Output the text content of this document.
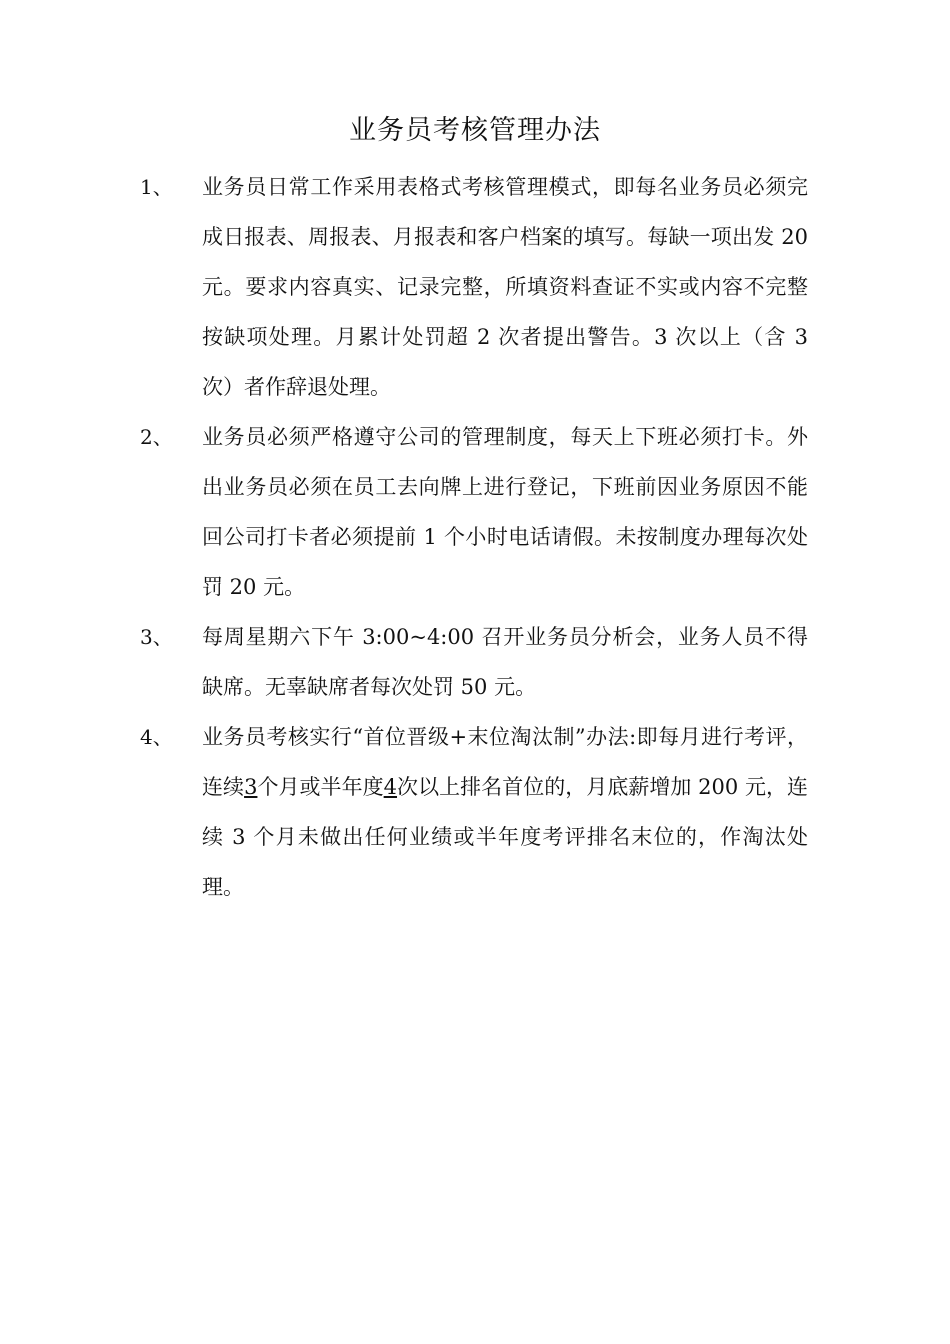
业务员考核管理办法
1、	业务员日常工作采用表格式考核管理模式，即每名业务员必须完成日报表、周报表、月报表和客户档案的填写。每缺一项出发 20 元。要求内容真实、记录完整，所填资料查证不实或内容不完整按缺项处理。月累计处罚超 2 次者提出警告。3 次以上（含 3 次）者作辞退处理。
2、	业务员必须严格遵守公司的管理制度，每天上下班必须打卡。外出业务员必须在员工去向牌上进行登记，下班前因业务原因不能回公司打卡者必须提前 1 个小时电话请假。未按制度办理每次处罚 20 元。
3、	每周星期六下午 3:00~4:00 召开业务员分析会，业务人员不得缺席。无辜缺席者每次处罚 50 元。
4、	业务员考核实行“首位晋级+末位淘汰制”办法:即每月进行考评，连续3个月或半年度4次以上排名首位的，月底薪增加 200 元，连续 3 个月未做出任何业绩或半年度考评排名末位的，作淘汰处理。
